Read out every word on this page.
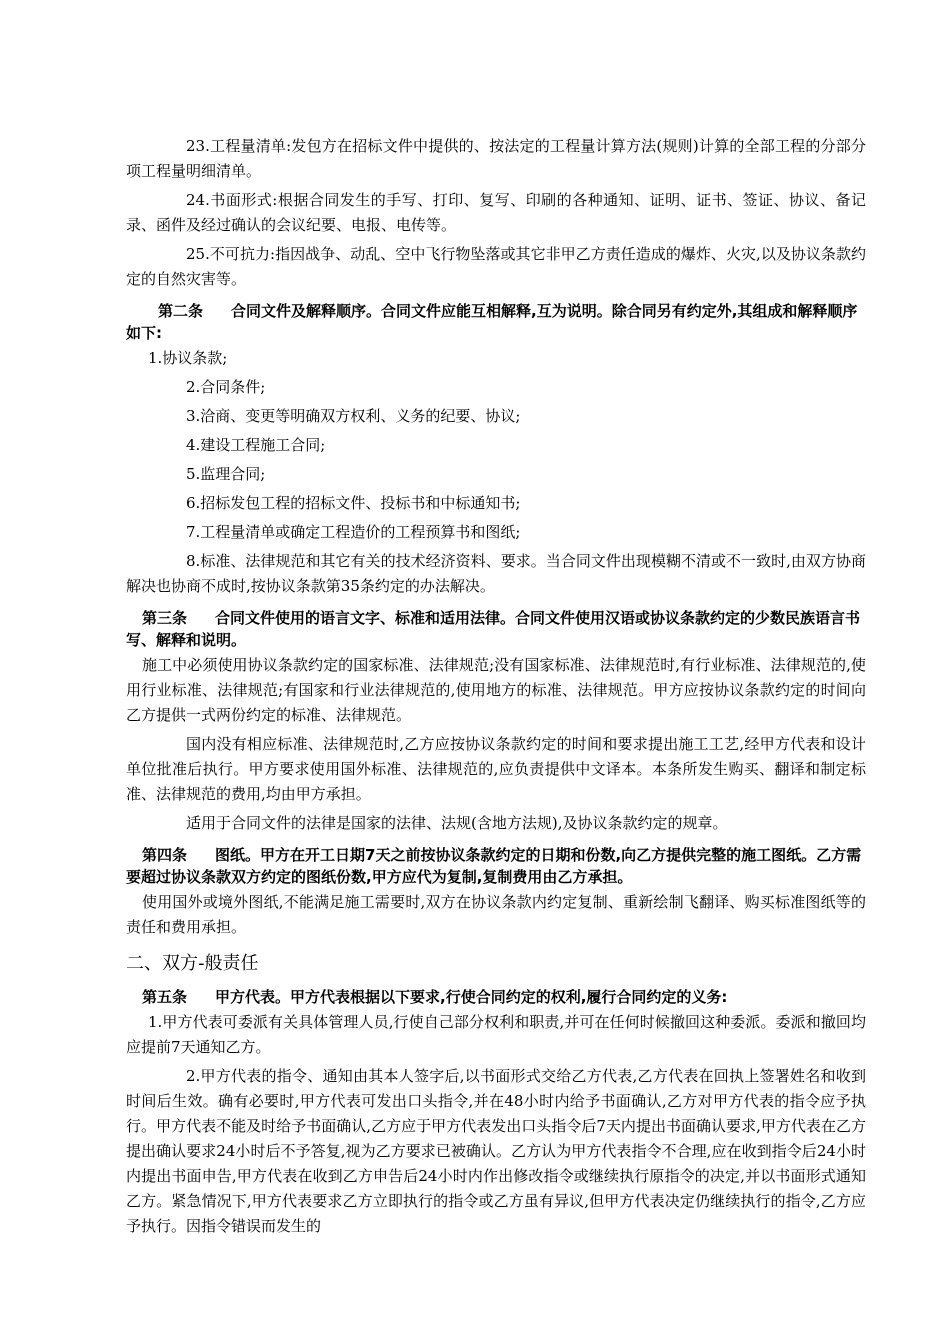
23.工程量清单:发包方在招标文件中提供的、按法定的工程量计算方法(规则)计算的全部工程的分部分项工程量明细清单。

24.书面形式:根据合同发生的手写、打印、复写、印刷的各种通知、证明、证书、签证、协议、备记录、函件及经过确认的会议纪要、电报、电传等。

25.不可抗力:指因战争、动乱、空中飞行物坠落或其它非甲乙方责任造成的爆炸、火灾,以及协议条款约定的自然灾害等。

第二条 合同文件及解释顺序。合同文件应能互相解释,互为说明。除合同另有约定外,其组成和解释顺序如下:

1.协议条款;

2.合同条件;

3.洽商、变更等明确双方权利、义务的纪要、协议;

4.建设工程施工合同;

5.监理合同;

6.招标发包工程的招标文件、投标书和中标通知书;

7.工程量清单或确定工程造价的工程预算书和图纸;

8.标准、法律规范和其它有关的技术经济资料、要求。当合同文件出现模糊不清或不一致时,由双方协商解决也协商不成时,按协议条款第35条约定的办法解决。

第三条 合同文件使用的语言文字、标准和适用法律。合同文件使用汉语或协议条款约定的少数民族语言书写、解释和说明。

施工中必须使用协议条款约定的国家标准、法律规范;没有国家标准、法律规范时,有行业标准、法律规范的,使用行业标准、法律规范;有国家和行业法律规范的,使用地方的标准、法律规范。甲方应按协议条款约定的时间向乙方提供一式两份约定的标准、法律规范。

国内没有相应标准、法律规范时,乙方应按协议条款约定的时间和要求提出施工工艺,经甲方代表和设计单位批准后执行。甲方要求使用国外标准、法律规范的,应负责提供中文译本。本条所发生购买、翻译和制定标准、法律规范的费用,均由甲方承担。

适用于合同文件的法律是国家的法律、法规(含地方法规),及协议条款约定的规章。

第四条 图纸。甲方在开工日期7天之前按协议条款约定的日期和份数,向乙方提供完整的施工图纸。乙方需要超过协议条款双方约定的图纸份数,甲方应代为复制,复制费用由乙方承担。

使用国外或境外图纸,不能满足施工需要时,双方在协议条款内约定复制、重新绘制飞翻译、购买标准图纸等的责任和费用承担。

二、双方-般责任
第五条 甲方代表。甲方代表根据以下要求,行使合同约定的权利,履行合同约定的义务:

1.甲方代表可委派有关具体管理人员,行使自己部分权利和职责,并可在任何时候撤回这种委派。委派和撤回均应提前7天通知乙方。

2.甲方代表的指令、通知由其本人签字后,以书面形式交给乙方代表,乙方代表在回执上签署姓名和收到时间后生效。确有必要时,甲方代表可发出口头指令,并在48小时内给予书面确认,乙方对甲方代表的指令应予执行。甲方代表不能及时给予书面确认,乙方应于甲方代表发出口头指令后7天内提出书面确认要求,甲方代表在乙方提出确认要求24小时后不予答复,视为乙方要求已被确认。乙方认为甲方代表指令不合理,应在收到指令后24小时内提出书面申告,甲方代表在收到乙方申告后24小时内作出修改指令或继续执行原指令的决定,并以书面形式通知乙方。紧急情况下,甲方代表要求乙方立即执行的指令或乙方虽有异议,但甲方代表决定仍继续执行的指令,乙方应予执行。因指令错误而发生的
